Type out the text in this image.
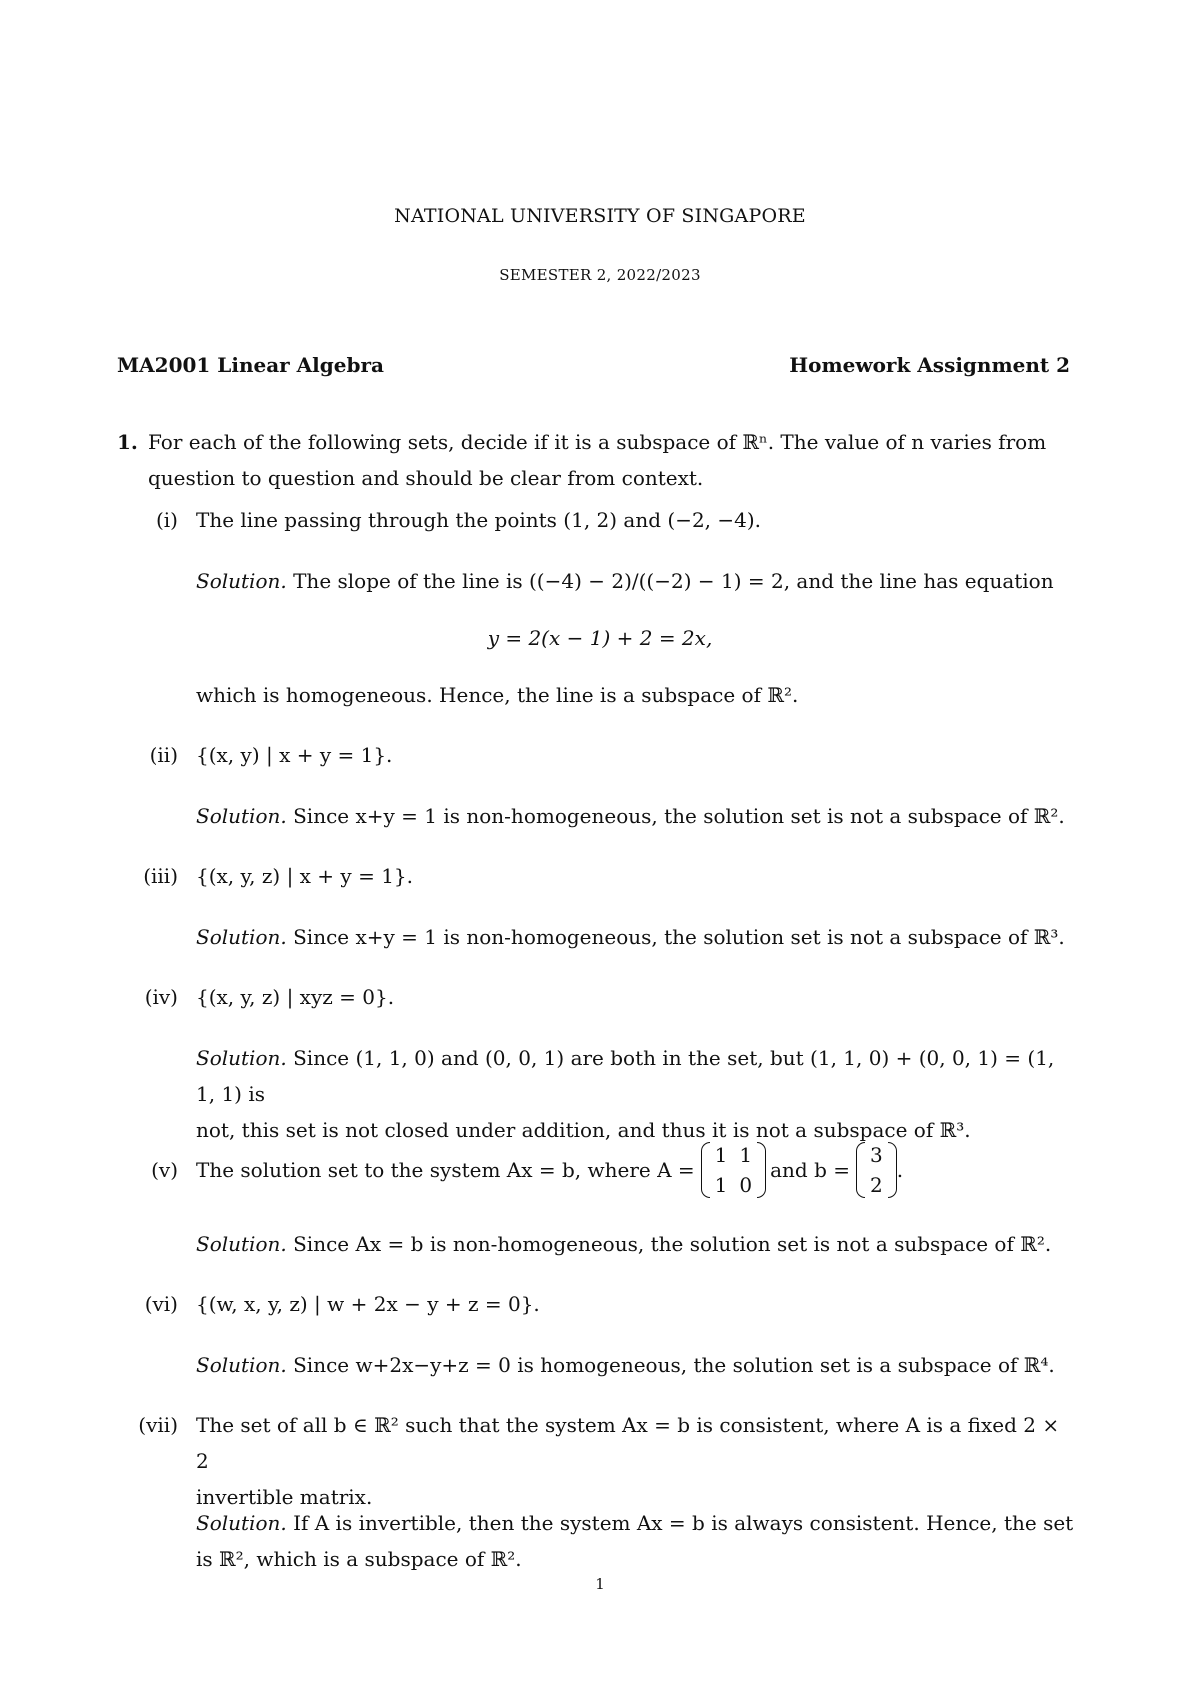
NATIONAL UNIVERSITY OF SINGAPORE
SEMESTER 2, 2022/2023
MA2001 Linear Algebra	Homework Assignment 2
1. For each of the following sets, decide if it is a subspace of ℝⁿ. The value of n varies from
question to question and should be clear from context.
(i) The line passing through the points (1, 2) and (−2, −4).
Solution. The slope of the line is ((−4) − 2)/((−2) − 1) = 2, and the line has equation
y = 2(x − 1) + 2 = 2x,
which is homogeneous. Hence, the line is a subspace of ℝ².
(ii) {(x, y) | x + y = 1}.
Solution. Since x+y = 1 is non-homogeneous, the solution set is not a subspace of ℝ².
(iii) {(x, y, z) | x + y = 1}.
Solution. Since x+y = 1 is non-homogeneous, the solution set is not a subspace of ℝ³.
(iv) {(x, y, z) | xyz = 0}.
Solution. Since (1, 1, 0) and (0, 0, 1) are both in the set, but (1, 1, 0) + (0, 0, 1) = (1, 1, 1) is
not, this set is not closed under addition, and thus it is not a subspace of ℝ³.
(v) The solution set to the system Ax = b, where A =
1	1
1	0
and b =
3
2
.
Solution. Since Ax = b is non-homogeneous, the solution set is not a subspace of ℝ².
(vi) {(w, x, y, z) | w + 2x − y + z = 0}.
Solution. Since w+2x−y+z = 0 is homogeneous, the solution set is a subspace of ℝ⁴.
(vii) The set of all b ∈ ℝ² such that the system Ax = b is consistent, where A is a fixed 2 × 2
invertible matrix.
Solution. If A is invertible, then the system Ax = b is always consistent. Hence, the set
is ℝ², which is a subspace of ℝ².
1
